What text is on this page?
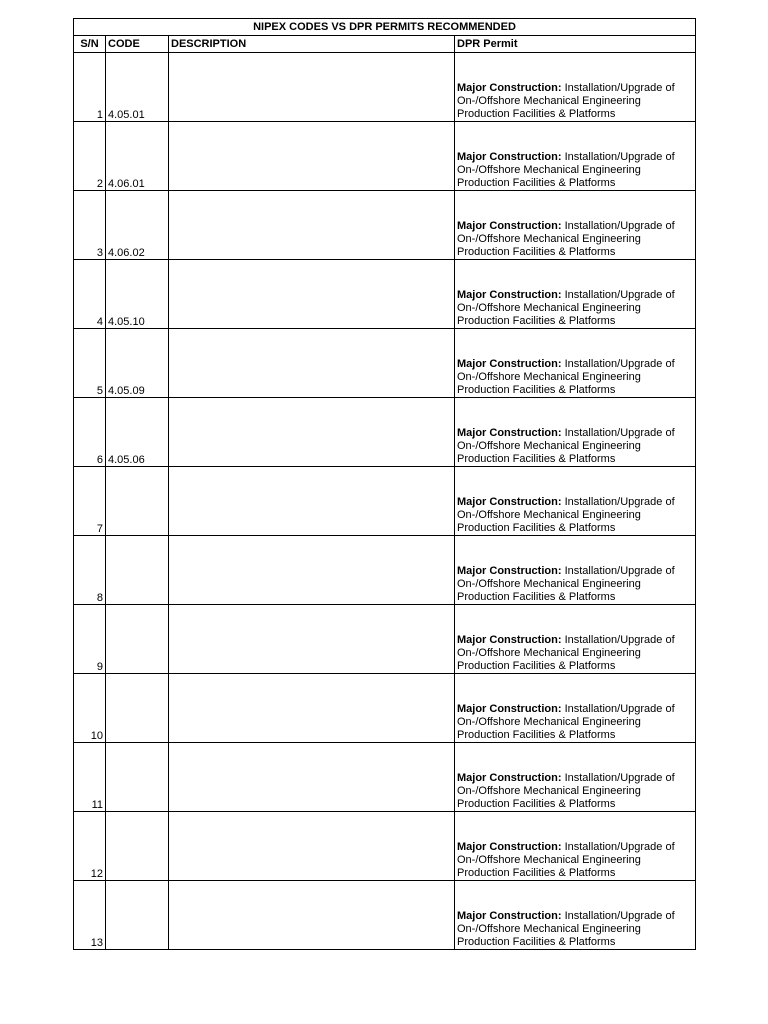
NIPEX CODES VS DPR PERMITS RECOMMENDED			
S/N	CODE	DESCRIPTION	DPR Permit
1	4.05.01		Major Construction: Installation/Upgrade of On-/Offshore Mechanical Engineering Production Facilities & Platforms
2	4.06.01		Major Construction: Installation/Upgrade of On-/Offshore Mechanical Engineering Production Facilities & Platforms
3	4.06.02		Major Construction: Installation/Upgrade of On-/Offshore Mechanical Engineering Production Facilities & Platforms
4	4.05.10		Major Construction: Installation/Upgrade of On-/Offshore Mechanical Engineering Production Facilities & Platforms
5	4.05.09		Major Construction: Installation/Upgrade of On-/Offshore Mechanical Engineering Production Facilities & Platforms
6	4.05.06		Major Construction: Installation/Upgrade of On-/Offshore Mechanical Engineering Production Facilities & Platforms
7			Major Construction: Installation/Upgrade of On-/Offshore Mechanical Engineering Production Facilities & Platforms
8			Major Construction: Installation/Upgrade of On-/Offshore Mechanical Engineering Production Facilities & Platforms
9			Major Construction: Installation/Upgrade of On-/Offshore Mechanical Engineering Production Facilities & Platforms
10			Major Construction: Installation/Upgrade of On-/Offshore Mechanical Engineering Production Facilities & Platforms
11			Major Construction: Installation/Upgrade of On-/Offshore Mechanical Engineering Production Facilities & Platforms
12			Major Construction: Installation/Upgrade of On-/Offshore Mechanical Engineering Production Facilities & Platforms
13			Major Construction: Installation/Upgrade of On-/Offshore Mechanical Engineering Production Facilities & Platforms
